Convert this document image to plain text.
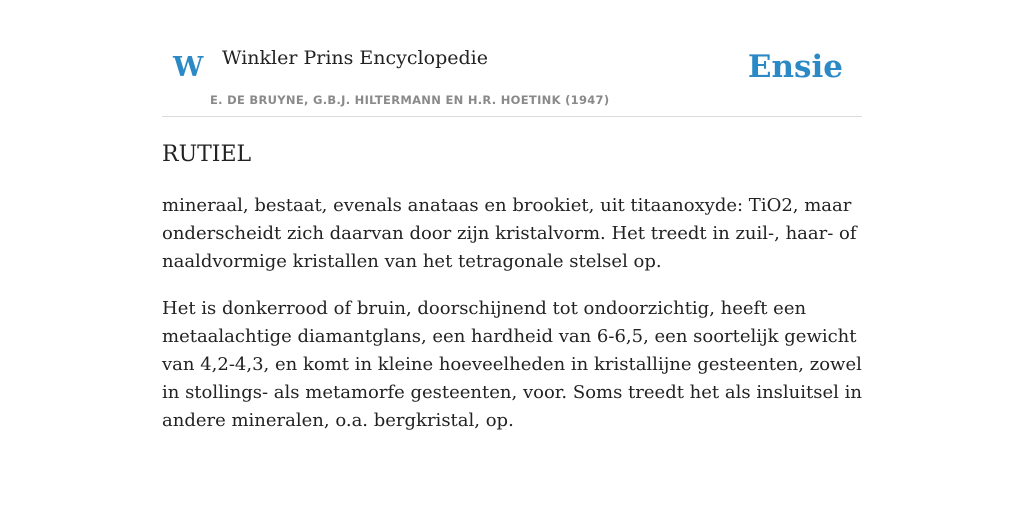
W Winkler Prins Encyclopedie
E. DE BRUYNE, G.B.J. HILTERMANN EN H.R. HOETINK (1947)
Ensie
RUTIEL

mineraal, bestaat, evenals anataas en brookiet, uit titaanoxyde: TiO2, maar onderscheidt zich daarvan door zijn kristalvorm. Het treedt in zuil-, haar- of naaldvormige kristallen van het tetragonale stelsel op.

Het is donkerrood of bruin, doorschijnend tot ondoorzichtig, heeft een metaalachtige diamantglans, een hardheid van 6-6,5, een soortelijk gewicht van 4,2-4,3, en komt in kleine hoeveelheden in kristallijne gesteenten, zowel in stollings- als metamorfe gesteenten, voor. Soms treedt het als insluitsel in andere mineralen, o.a. bergkristal, op.
